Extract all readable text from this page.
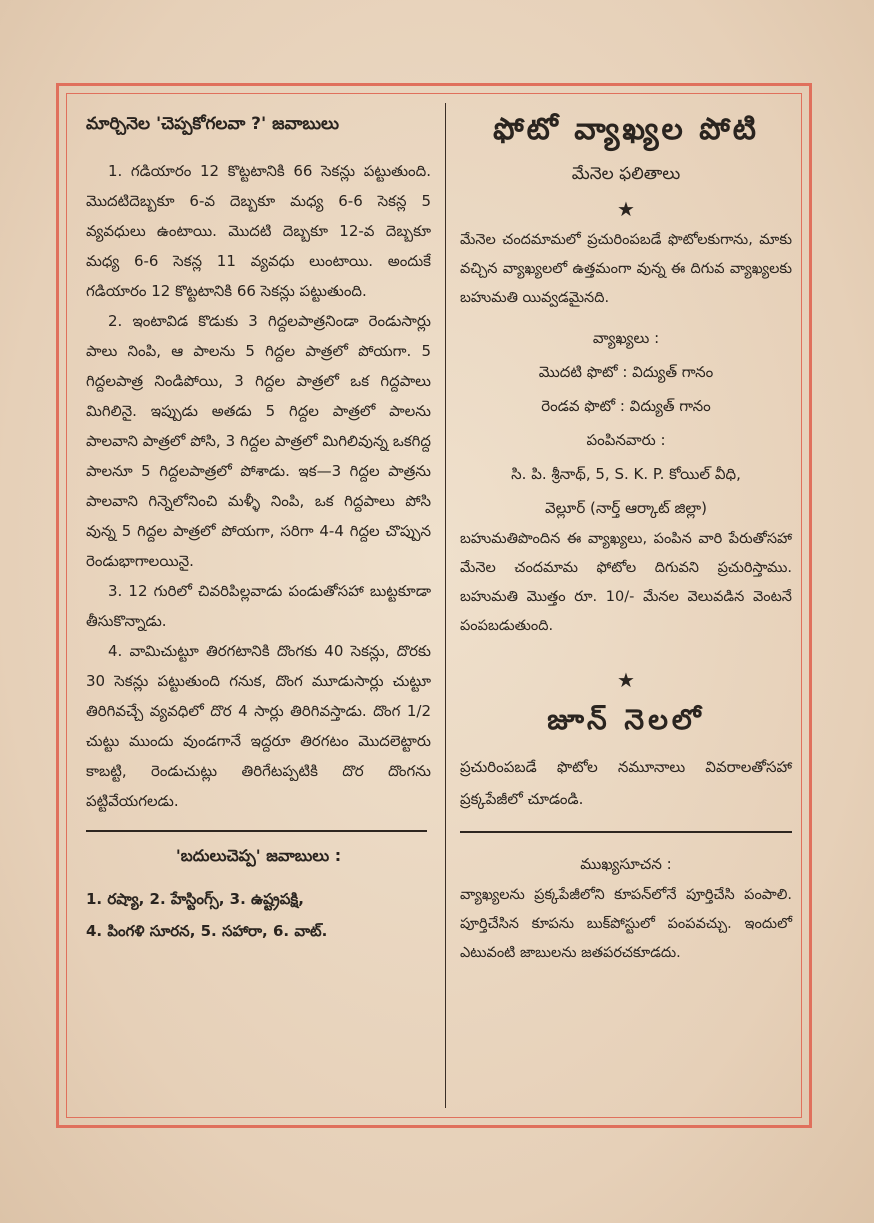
మార్చినెల 'చెప్పకోగలవా ?' జవాబులు

1. గడియారం 12 కొట్టటానికి 66 సెకన్లు పట్టుతుంది. మొదటిదెబ్బకూ 6-వ దెబ్బకూ మధ్య 6-6 సెకన్ల 5 వ్యవధులు ఉంటాయి. మొదటి దెబ్బకూ 12-వ దెబ్బకూ మధ్య 6-6 సెకన్ల 11 వ్యవధు లుంటాయి. అందుకే గడియారం 12 కొట్టటానికి 66 సెకన్లు పట్టుతుంది.

2. ఇంటావిడ కొడుకు 3 గిద్దలపాత్రనిండా రెండుసార్లు పాలు నింపి, ఆ పాలను 5 గిద్దల పాత్రలో పోయగా. 5 గిద్దలపాత్ర నిండిపోయి, 3 గిద్దల పాత్రలో ఒక గిద్దపాలు మిగిలినై. ఇప్పుడు అతడు 5 గిద్దల పాత్రలో పాలను పాలవాని పాత్రలో పోసి, 3 గిద్దల పాత్రలో మిగిలివున్న ఒకగిద్ద పాలనూ 5 గిద్దలపాత్రలో పోశాడు. ఇక—3 గిద్దల పాత్రను పాలవాని గిన్నెలోనించి మళ్ళీ నింపి, ఒక గిద్దపాలు పోసి వున్న 5 గిద్దల పాత్రలో పోయగా, సరిగా 4-4 గిద్దల చొప్పున రెండుభాగాలయినై.

3. 12 గురిలో చివరిపిల్లవాడు పండుతోసహా బుట్టకూడా తీసుకొన్నాడు.

4. వామిచుట్టూ తిరగటానికి దొంగకు 40 సెకన్లు, దొరకు 30 సెకన్లు పట్టుతుంది గనుక, దొంగ మూడుసార్లు చుట్టూ తిరిగివచ్చే వ్యవధిలో దొర 4 సార్లు తిరిగివస్తాడు. దొంగ 1/2 చుట్టు ముందు వుండగానే ఇద్దరూ తిరగటం మొదలెట్టారు కాబట్టి, రెండుచుట్లు తిరిగేటప్పటికి దొర దొంగను పట్టివేయగలడు.

'బదులుచెప్ప' జవాబులు :

1. రష్యా, 2. హేస్టింగ్స్, 3. ఉష్ట్రపక్షి,

4. పింగళి సూరన, 5. సహారా, 6. వాట్.

ఫోటో వ్యాఖ్యల పోటి

మేనెల ఫలితాలు

★

మేనెల చందమామలో ప్రచురింపబడే ఫొటోలకుగాను, మాకు వచ్చిన వ్యాఖ్యలలో ఉత్తమంగా వున్న ఈ దిగువ వ్యాఖ్యలకు బహుమతి యివ్వడమైనది.

వ్యాఖ్యలు :

మొదటి ఫొటో : విద్యుత్ గానం

రెండవ ఫొటో : విద్యుత్ గానం

పంపినవారు :

సి. పి. శ్రీనాథ్, 5, S. K. P. కోయిల్ వీధి,

వెల్లూర్ (నార్త్ ఆర్కాట్ జిల్లా)

బహుమతిపొందిన ఈ వ్యాఖ్యలు, పంపిన వారి పేరుతోసహా మేనెల చందమామ ఫోటోల దిగువని ప్రచురిస్తాము. బహుమతి మొత్తం రూ. 10/- మేనల వెలువడిన వెంటనే పంపబడుతుంది.

★

జూన్ నెలలో

ప్రచురింపబడే ఫొటోల నమూనాలు వివరాలతోసహా ప్రక్కపేజీలో చూడండి.

ముఖ్యసూచన :

వ్యాఖ్యలను ప్రక్కపేజీలోని కూపన్‌లోనే పూర్తిచేసి పంపాలి. పూర్తిచేసిన కూపను బుక్‌పోస్టులో పంపవచ్చు. ఇందులో ఎటువంటి జాబులను జతపరచకూడదు.
